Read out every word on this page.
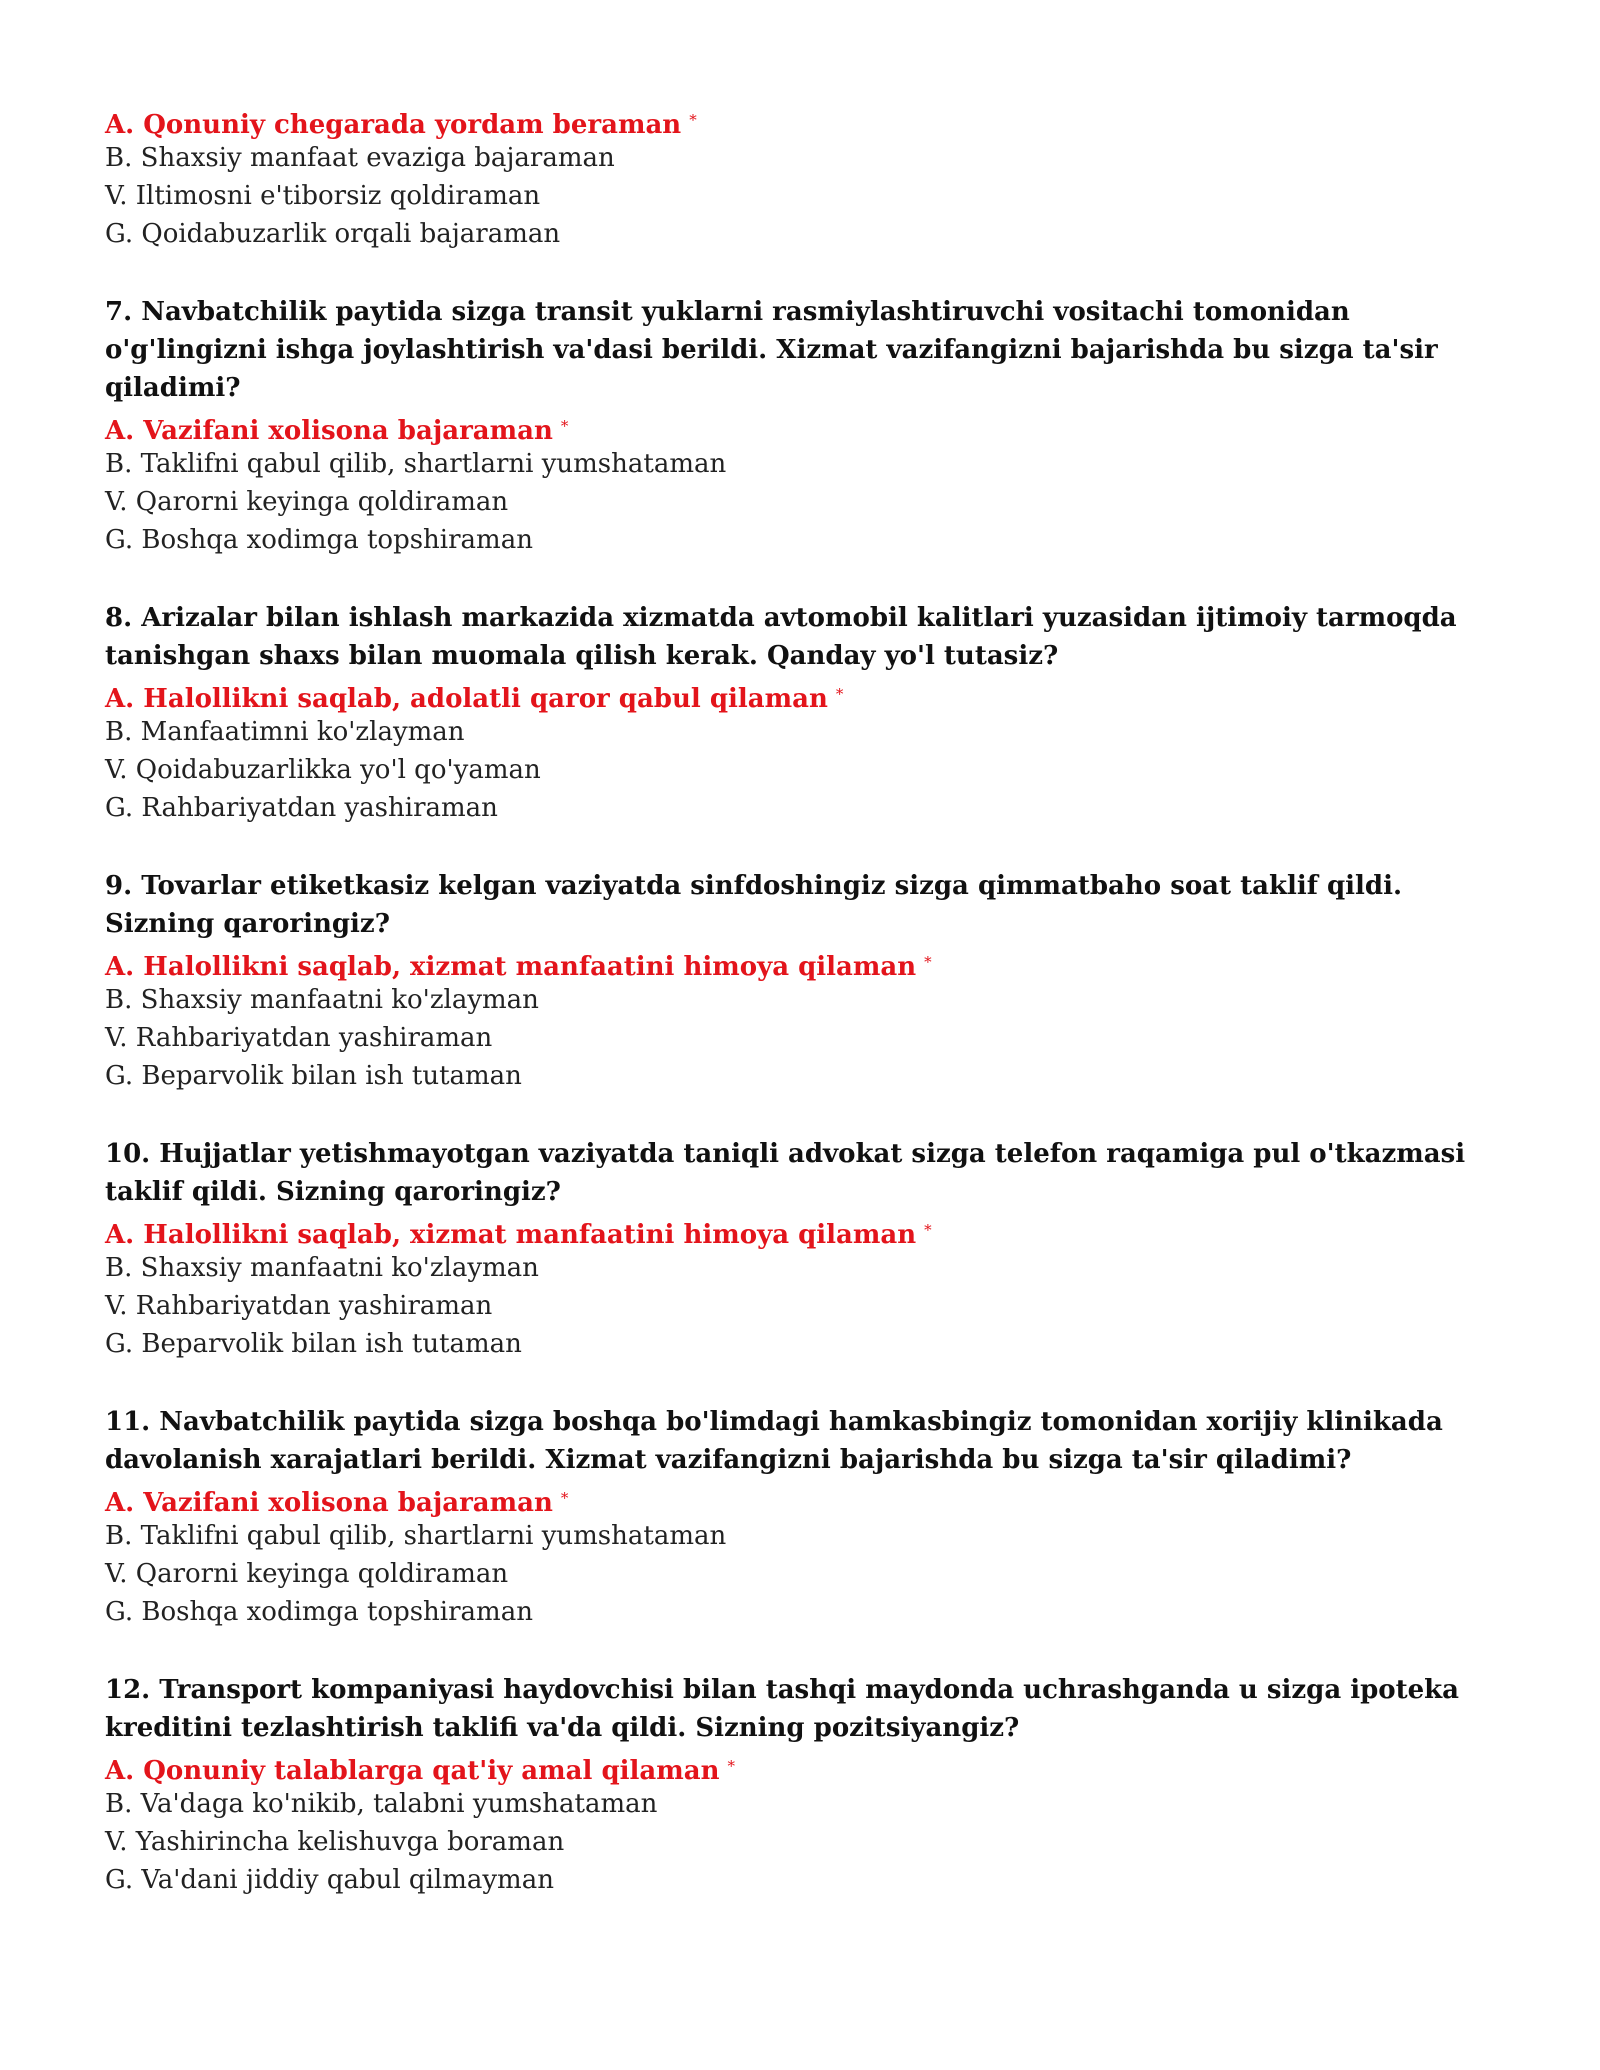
A. Qonuniy chegarada yordam beraman *
B. Shaxsiy manfaat evaziga bajaraman
V. Iltimosni e'tiborsiz qoldiraman
G. Qoidabuzarlik orqali bajaraman
7. Navbatchilik paytida sizga transit yuklarni rasmiylashtiruvchi vositachi tomonidan o'g'lingizni ishga joylashtirish va'dasi berildi. Xizmat vazifangizni bajarishda bu sizga ta'sir qiladimi?
A. Vazifani xolisona bajaraman *
B. Taklifni qabul qilib, shartlarni yumshataman
V. Qarorni keyinga qoldiraman
G. Boshqa xodimga topshiraman
8. Arizalar bilan ishlash markazida xizmatda avtomobil kalitlari yuzasidan ijtimoiy tarmoqda tanishgan shaxs bilan muomala qilish kerak. Qanday yo'l tutasiz?
A. Halollikni saqlab, adolatli qaror qabul qilaman *
B. Manfaatimni ko'zlayman
V. Qoidabuzarlikka yo'l qo'yaman
G. Rahbariyatdan yashiraman
9. Tovarlar etiketkasiz kelgan vaziyatda sinfdoshingiz sizga qimmatbaho soat taklif qildi. Sizning qaroringiz?
A. Halollikni saqlab, xizmat manfaatini himoya qilaman *
B. Shaxsiy manfaatni ko'zlayman
V. Rahbariyatdan yashiraman
G. Beparvolik bilan ish tutaman
10. Hujjatlar yetishmayotgan vaziyatda taniqli advokat sizga telefon raqamiga pul o'tkazmasi taklif qildi. Sizning qaroringiz?
A. Halollikni saqlab, xizmat manfaatini himoya qilaman *
B. Shaxsiy manfaatni ko'zlayman
V. Rahbariyatdan yashiraman
G. Beparvolik bilan ish tutaman
11. Navbatchilik paytida sizga boshqa bo'limdagi hamkasbingiz tomonidan xorijiy klinikada davolanish xarajatlari berildi. Xizmat vazifangizni bajarishda bu sizga ta'sir qiladimi?
A. Vazifani xolisona bajaraman *
B. Taklifni qabul qilib, shartlarni yumshataman
V. Qarorni keyinga qoldiraman
G. Boshqa xodimga topshiraman
12. Transport kompaniyasi haydovchisi bilan tashqi maydonda uchrashganda u sizga ipoteka kreditini tezlashtirish taklifi va'da qildi. Sizning pozitsiyangiz?
A. Qonuniy talablarga qat'iy amal qilaman *
B. Va'daga ko'nikib, talabni yumshataman
V. Yashirincha kelishuvga boraman
G. Va'dani jiddiy qabul qilmayman
